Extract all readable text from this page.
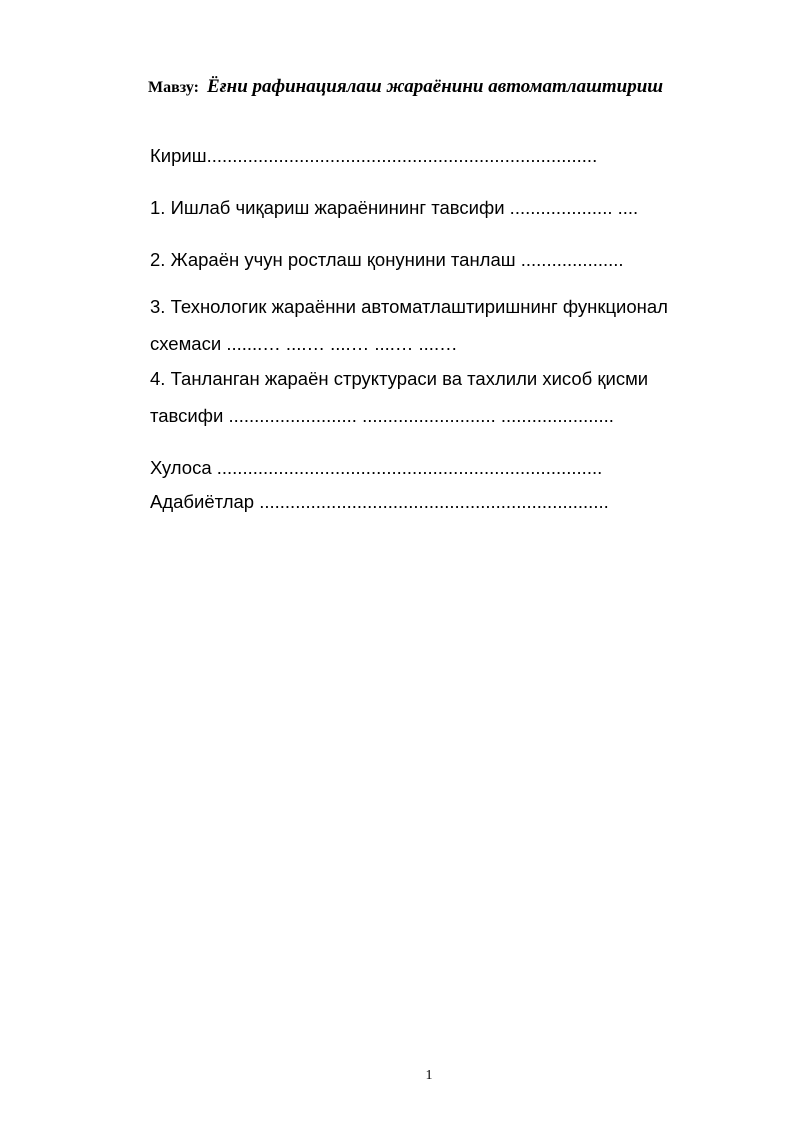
Мавзу: Ёғни рафинациялаш жараёнини автоматлаштириш
Кириш............................................................................
1. Ишлаб чиқариш жараёнининг тавсифи .................... ....
2. Жараён учун ростлаш қонунини танлаш ....................
3. Технологик жараённи автоматлаштиришнинг функционал
схемаси .......… ....… ....… ....… ....…
4. Танланган жараён структураси ва тахлили хисоб қисми
тавсифи ......................... .......................... ......................
Хулоса ...........................................................................
Адабиётлар ....................................................................
1
